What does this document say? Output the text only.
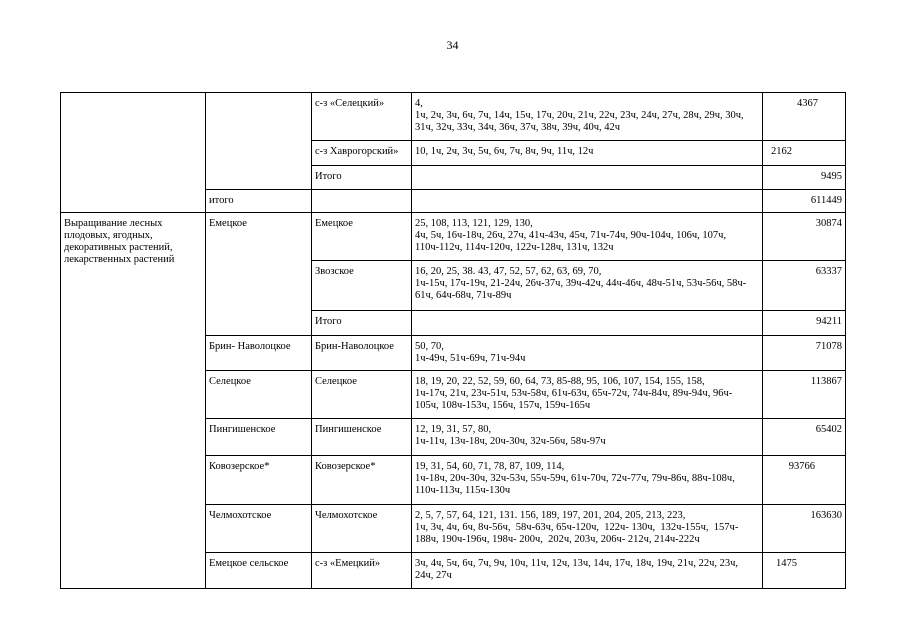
34
		с-з «Селецкий»	4,
1ч, 2ч, 3ч, 6ч, 7ч, 14ч, 15ч, 17ч, 20ч, 21ч, 22ч, 23ч, 24ч, 27ч, 28ч, 29ч, 30ч,
31ч, 32ч, 33ч, 34ч, 36ч, 37ч, 38ч, 39ч, 40ч, 42ч	4367
		с-з Хаврогорский»	10, 1ч, 2ч, 3ч, 5ч, 6ч, 7ч, 8ч, 9ч, 11ч, 12ч	2162
		Итого		9495
	итого			611449
Выращивание лесных
плодовых, ягодных,
декоративных растений,
лекарственных растений	Емецкое	Емецкое	25, 108, 113, 121, 129, 130,
4ч, 5ч, 16ч-18ч, 26ч, 27ч, 41ч-43ч, 45ч, 71ч-74ч, 90ч-104ч, 106ч, 107ч,
110ч-112ч, 114ч-120ч, 122ч-128ч, 131ч, 132ч	30874
		Звозское	16, 20, 25, 38. 43, 47, 52, 57, 62, 63, 69, 70,
1ч-15ч, 17ч-19ч, 21-24ч, 26ч-37ч, 39ч-42ч, 44ч-46ч, 48ч-51ч, 53ч-56ч, 58ч-
61ч, 64ч-68ч, 71ч-89ч	63337
		Итого		94211
	Брин- Наволоцкое	Брин-Наволоцкое	50, 70,
1ч-49ч, 51ч-69ч, 71ч-94ч	71078
	Селецкое	Селецкое	18, 19, 20, 22, 52, 59, 60, 64, 73, 85-88, 95, 106, 107, 154, 155, 158,
1ч-17ч, 21ч, 23ч-51ч, 53ч-58ч, 61ч-63ч, 65ч-72ч, 74ч-84ч, 89ч-94ч, 96ч-
105ч, 108ч-153ч, 156ч, 157ч, 159ч-165ч	113867
	Пингишенское	Пингишенское	12, 19, 31, 57, 80,
1ч-11ч, 13ч-18ч, 20ч-30ч, 32ч-56ч, 58ч-97ч	65402
	Ковозерское*	Ковозерское*	19, 31, 54, 60, 71, 78, 87, 109, 114,
1ч-18ч, 20ч-30ч, 32ч-53ч, 55ч-59ч, 61ч-70ч, 72ч-77ч, 79ч-86ч, 88ч-108ч,
110ч-113ч, 115ч-130ч	93766
	Челмохотское	Челмохотское	2, 5, 7, 57, 64, 121, 131. 156, 189, 197, 201, 204, 205, 213, 223,
1ч, 3ч, 4ч, 6ч, 8ч-56ч,  58ч-63ч, 65ч-120ч,  122ч- 130ч,  132ч-155ч,  157ч-
188ч, 190ч-196ч, 198ч- 200ч,  202ч, 203ч, 206ч- 212ч, 214ч-222ч	163630
	Емецкое сельское	с-з «Емецкий»	3ч, 4ч, 5ч, 6ч, 7ч, 9ч, 10ч, 11ч, 12ч, 13ч, 14ч, 17ч, 18ч, 19ч, 21ч, 22ч, 23ч,
24ч, 27ч	1475
